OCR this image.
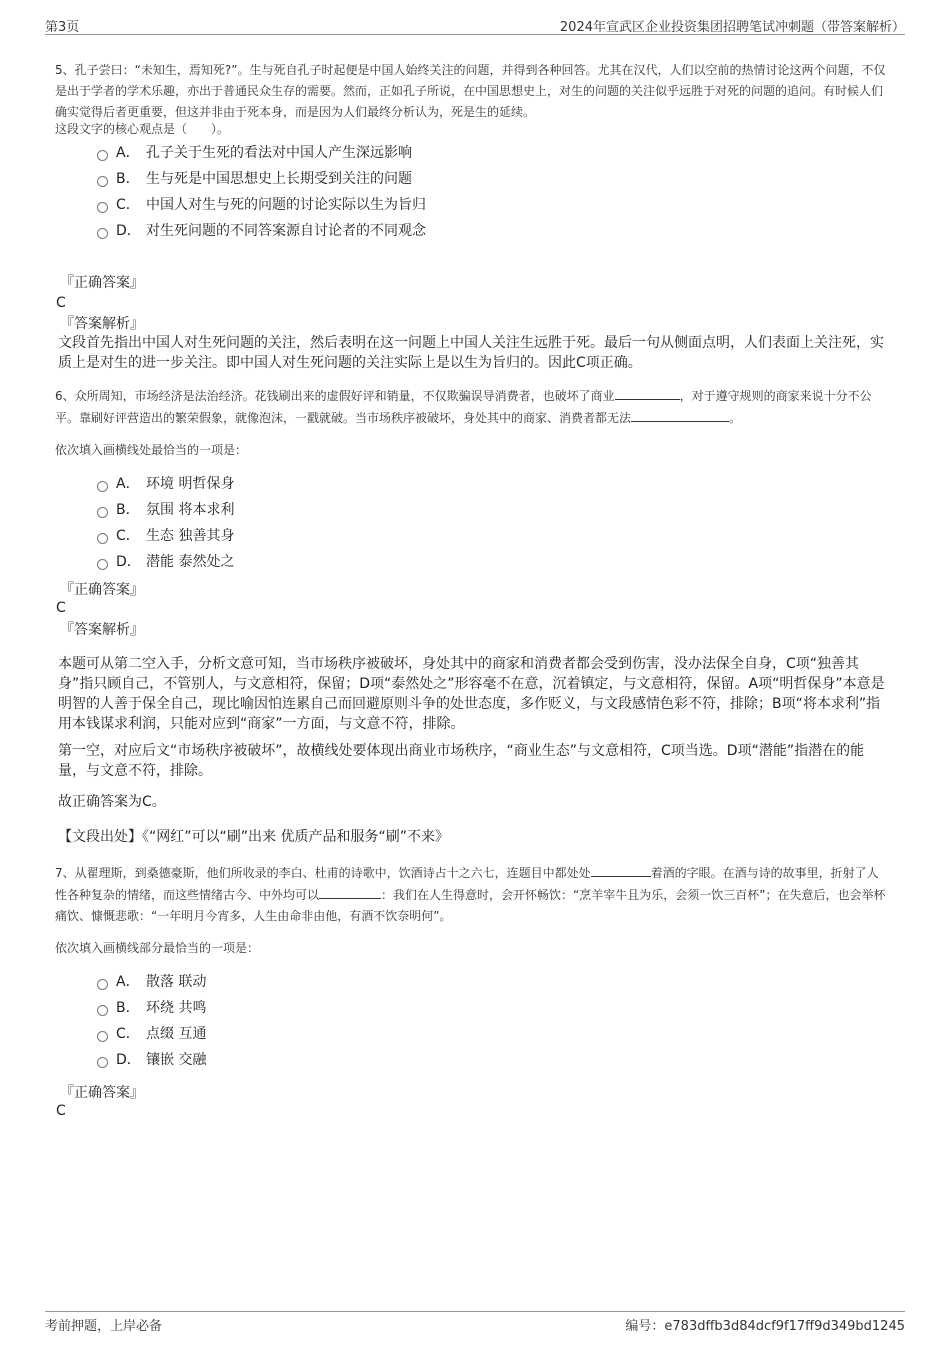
第3页	2024年宣武区企业投资集团招聘笔试冲刺题（带答案解析）
5、孔子尝曰：“未知生，焉知死?”。生与死自孔子时起便是中国人始终关注的问题，并得到各种回答。尤其在汉代，人们以空前的热情讨论这两个问题，不仅是出于学者的学术乐趣，亦出于普通民众生存的需要。然而，正如孔子所说，在中国思想史上，对生的问题的关注似乎远胜于对死的问题的追问。有时候人们确实觉得后者更重要，但这并非由于死本身，而是因为人们最终分析认为，死是生的延续。
这段文字的核心观点是（　　）。
A． 孔子关于生死的看法对中国人产生深远影响
B． 生与死是中国思想史上长期受到关注的问题
C． 中国人对生与死的问题的讨论实际以生为旨归
D． 对生死问题的不同答案源自讨论者的不同观念
『正确答案』
C
『答案解析』
文段首先指出中国人对生死问题的关注，然后表明在这一问题上中国人关注生远胜于死。最后一句从侧面点明，人们表面上关注死，实质上是对生的进一步关注。即中国人对生死问题的关注实际上是以生为旨归的。因此C项正确。
6、众所周知，市场经济是法治经济。花钱刷出来的虚假好评和销量，不仅欺骗误导消费者，也破坏了商业	，对于遵守规则的商家来说十分不公平。靠刷好评营造出的繁荣假象，就像泡沫，一戳就破。当市场秩序被破坏，身处其中的商家、消费者都无法	。
依次填入画横线处最恰当的一项是：
A． 环境 明哲保身
B． 氛围 将本求利
C． 生态 独善其身
D． 潜能 泰然处之
『正确答案』
C
『答案解析』
本题可从第二空入手，分析文意可知，当市场秩序被破坏，身处其中的商家和消费者都会受到伤害，没办法保全自身，C项“独善其身”指只顾自己，不管别人，与文意相符，保留；D项“泰然处之”形容毫不在意，沉着镇定，与文意相符，保留。A项“明哲保身”本意是明智的人善于保全自己，现比喻因怕连累自己而回避原则斗争的处世态度，多作贬义，与文段感情色彩不符，排除；B项“将本求利”指用本钱谋求利润，只能对应到“商家”一方面，与文意不符，排除。
第一空，对应后文“市场秩序被破坏”，故横线处要体现出商业市场秩序，“商业生态”与文意相符，C项当选。D项“潜能”指潜在的能量，与文意不符，排除。
故正确答案为C。
【文段出处】《“网红”可以“刷”出来 优质产品和服务“刷”不来》
7、从翟理斯，到桑德豪斯，他们所收录的李白、杜甫的诗歌中，饮酒诗占十之六七，连题目中都处处	着酒的字眼。在酒与诗的故事里，折射了人性各种复杂的情绪，而这些情绪古今、中外均可以	：我们在人生得意时，会开怀畅饮：“烹羊宰牛且为乐，会须一饮三百杯”；在失意后，也会举杯痛饮、慷慨悲歌：“一年明月今宵多，人生由命非由他，有酒不饮奈明何”。
依次填入画横线部分最恰当的一项是：
A． 散落 联动
B． 环绕 共鸣
C． 点缀 互通
D． 镶嵌 交融
『正确答案』
C
考前押题，上岸必备	编号：e783dffb3d84dcf9f17ff9d349bd1245
